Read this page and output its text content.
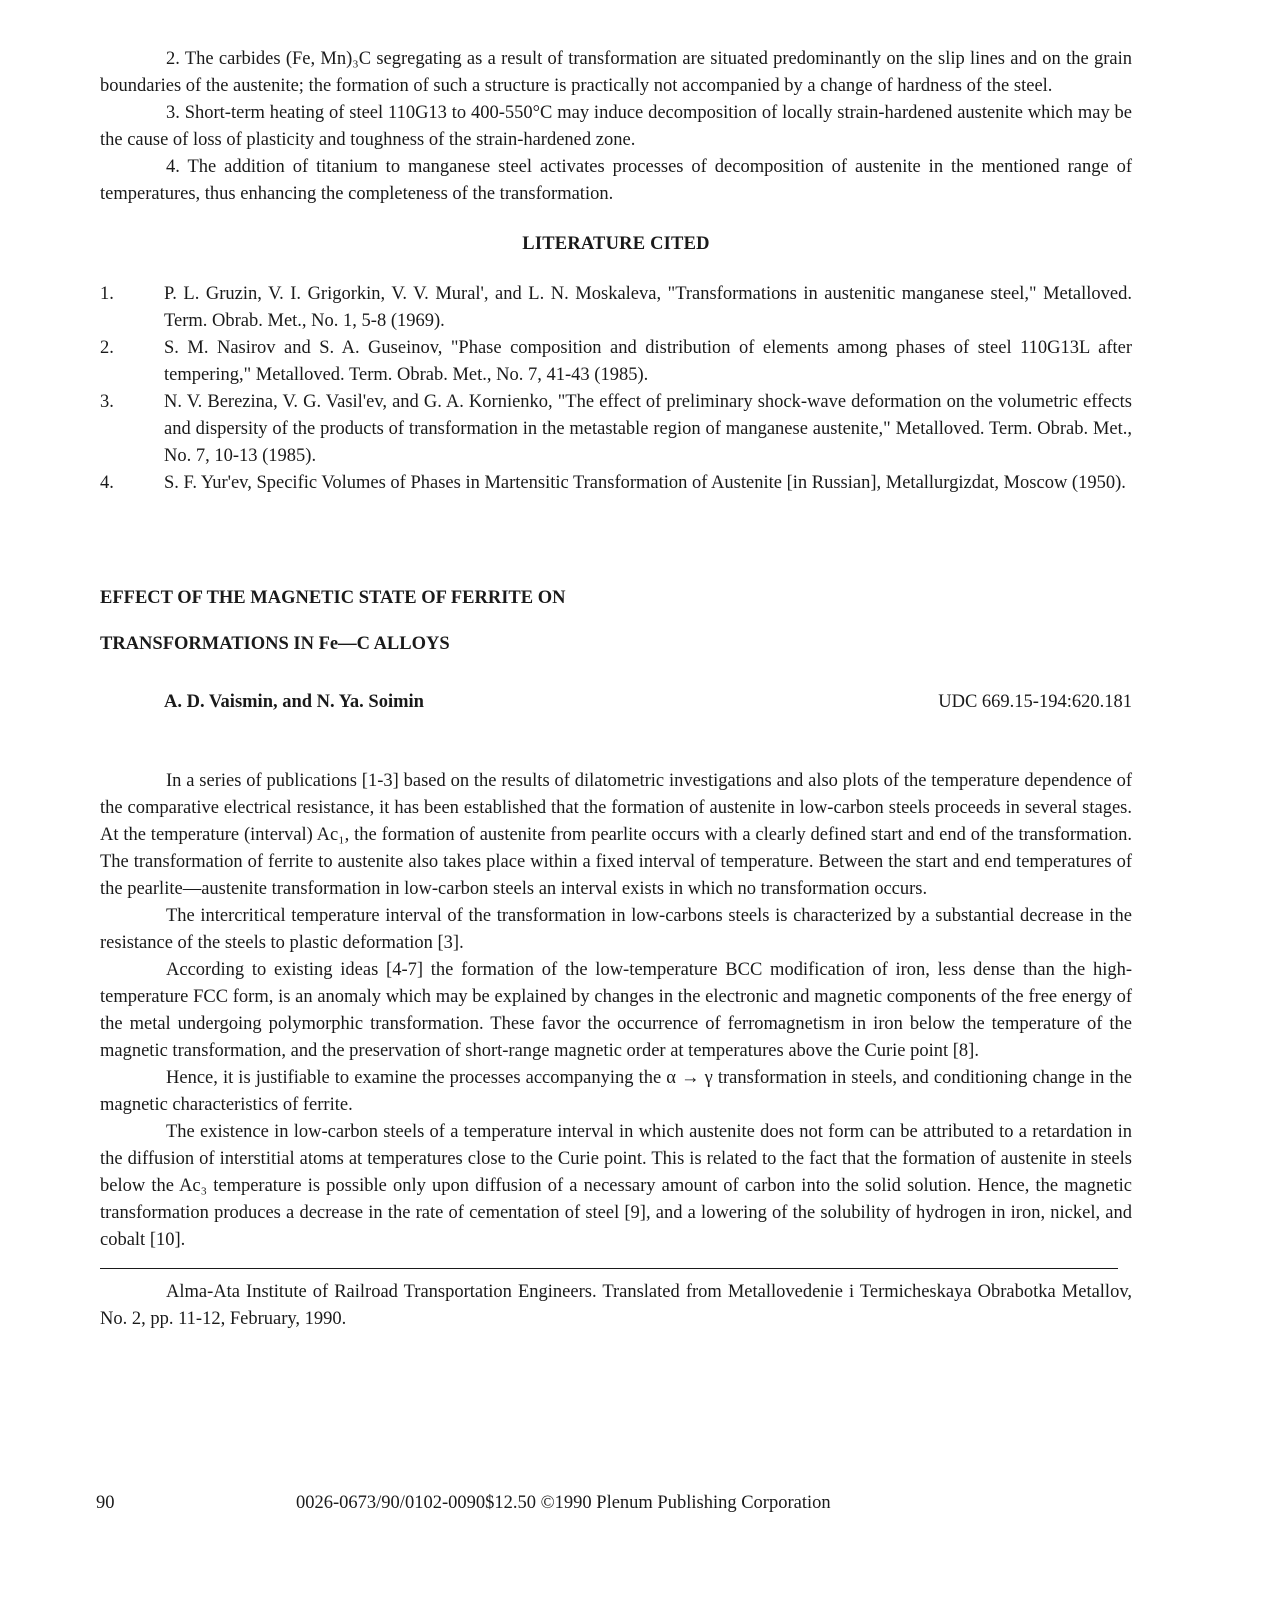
2. The carbides (Fe, Mn)₃C segregating as a result of transformation are situated predominantly on the slip lines and on the grain boundaries of the austenite; the formation of such a structure is practically not accompanied by a change of hardness of the steel.

3. Short-term heating of steel 110G13 to 400-550°C may induce decomposition of locally strain-hardened austenite which may be the cause of loss of plasticity and toughness of the strain-hardened zone.

4. The addition of titanium to manganese steel activates processes of decomposition of austenite in the mentioned range of temperatures, thus enhancing the completeness of the transformation.

LITERATURE CITED
1.	P. L. Gruzin, V. I. Grigorkin, V. V. Mural', and L. N. Moskaleva, "Transformations in austenitic manganese steel," Metalloved. Term. Obrab. Met., No. 1, 5-8 (1969).
2.	S. M. Nasirov and S. A. Guseinov, "Phase composition and distribution of elements among phases of steel 110G13L after tempering," Metalloved. Term. Obrab. Met., No. 7, 41-43 (1985).
3.	N. V. Berezina, V. G. Vasil'ev, and G. A. Kornienko, "The effect of preliminary shock-wave deformation on the volumetric effects and dispersity of the products of transformation in the metastable region of manganese austenite," Metalloved. Term. Obrab. Met., No. 7, 10-13 (1985).
4.	S. F. Yur'ev, Specific Volumes of Phases in Martensitic Transformation of Austenite [in Russian], Metallurgizdat, Moscow (1950).
EFFECT OF THE MAGNETIC STATE OF FERRITE ON
TRANSFORMATIONS IN Fe—C ALLOYS
A. D. Vaismin, and N. Ya. Soimin	UDC 669.15-194:620.181

In a series of publications [1-3] based on the results of dilatometric investigations and also plots of the temperature dependence of the comparative electrical resistance, it has been established that the formation of austenite in low-carbon steels proceeds in several stages. At the temperature (interval) Ac₁, the formation of austenite from pearlite occurs with a clearly defined start and end of the transformation. The transformation of ferrite to austenite also takes place within a fixed interval of temperature. Between the start and end temperatures of the pearlite—austenite transformation in low-carbon steels an interval exists in which no transformation occurs.

The intercritical temperature interval of the transformation in low-carbons steels is characterized by a substantial decrease in the resistance of the steels to plastic deformation [3].

According to existing ideas [4-7] the formation of the low-temperature BCC modification of iron, less dense than the high-temperature FCC form, is an anomaly which may be explained by changes in the electronic and magnetic components of the free energy of the metal undergoing polymorphic transformation. These favor the occurrence of ferromagnetism in iron below the temperature of the magnetic transformation, and the preservation of short-range magnetic order at temperatures above the Curie point [8].

Hence, it is justifiable to examine the processes accompanying the α → γ transformation in steels, and conditioning change in the magnetic characteristics of ferrite.

The existence in low-carbon steels of a temperature interval in which austenite does not form can be attributed to a retardation in the diffusion of interstitial atoms at temperatures close to the Curie point. This is related to the fact that the formation of austenite in steels below the Ac₃ temperature is possible only upon diffusion of a necessary amount of carbon into the solid solution. Hence, the magnetic transformation produces a decrease in the rate of cementation of steel [9], and a lowering of the solubility of hydrogen in iron, nickel, and cobalt [10].

Alma-Ata Institute of Railroad Transportation Engineers. Translated from Metallovedenie i Termicheskaya Obrabotka Metallov, No. 2, pp. 11-12, February, 1990.

90	0026-0673/90/0102-0090$12.50 ©1990 Plenum Publishing Corporation
